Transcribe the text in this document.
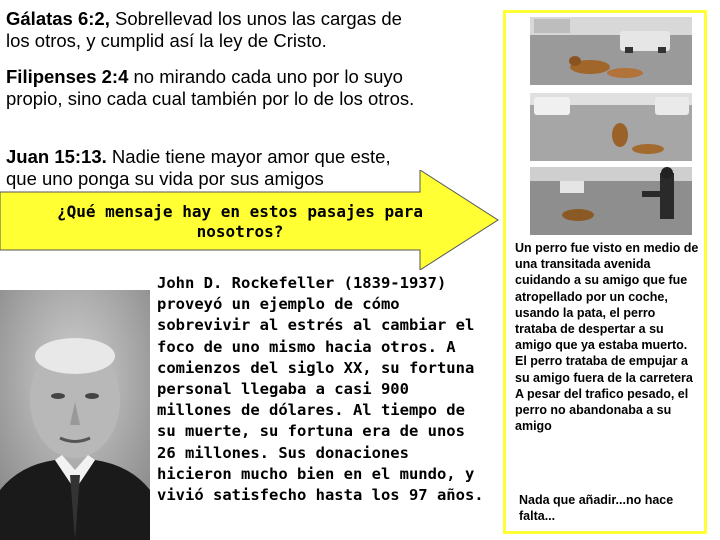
Gálatas 6:2, Sobrellevad los unos las cargas de los otros, y cumplid así la ley de Cristo.
Filipenses 2:4 no mirando cada uno por lo suyo propio, sino cada cual también por lo de los otros.
Juan 15:13. Nadie tiene mayor amor que este, que uno ponga su vida por sus amigos
¿Qué mensaje hay en estos pasajes para nosotros?
John D. Rockefeller (1839-1937) proveyó un ejemplo de cómo sobrevivir al estrés al cambiar el foco de uno mismo hacia otros. A comienzos del siglo XX, su fortuna personal llegaba a casi 900 millones de dólares. Al tiempo de su muerte, su fortuna era de unos 26 millones. Sus donaciones hicieron mucho bien en el mundo, y vivió satisfecho hasta los 97 años.
Un perro fue visto en medio de una transitada avenida cuidando a su amigo que fue atropellado por un coche, usando la pata, el perro trataba de despertar a su amigo que ya estaba muerto. El perro trataba de empujar a su amigo fuera de la carretera A pesar del trafico pesado, el perro no abandonaba a su amigo
Nada que añadir...no hace falta...
